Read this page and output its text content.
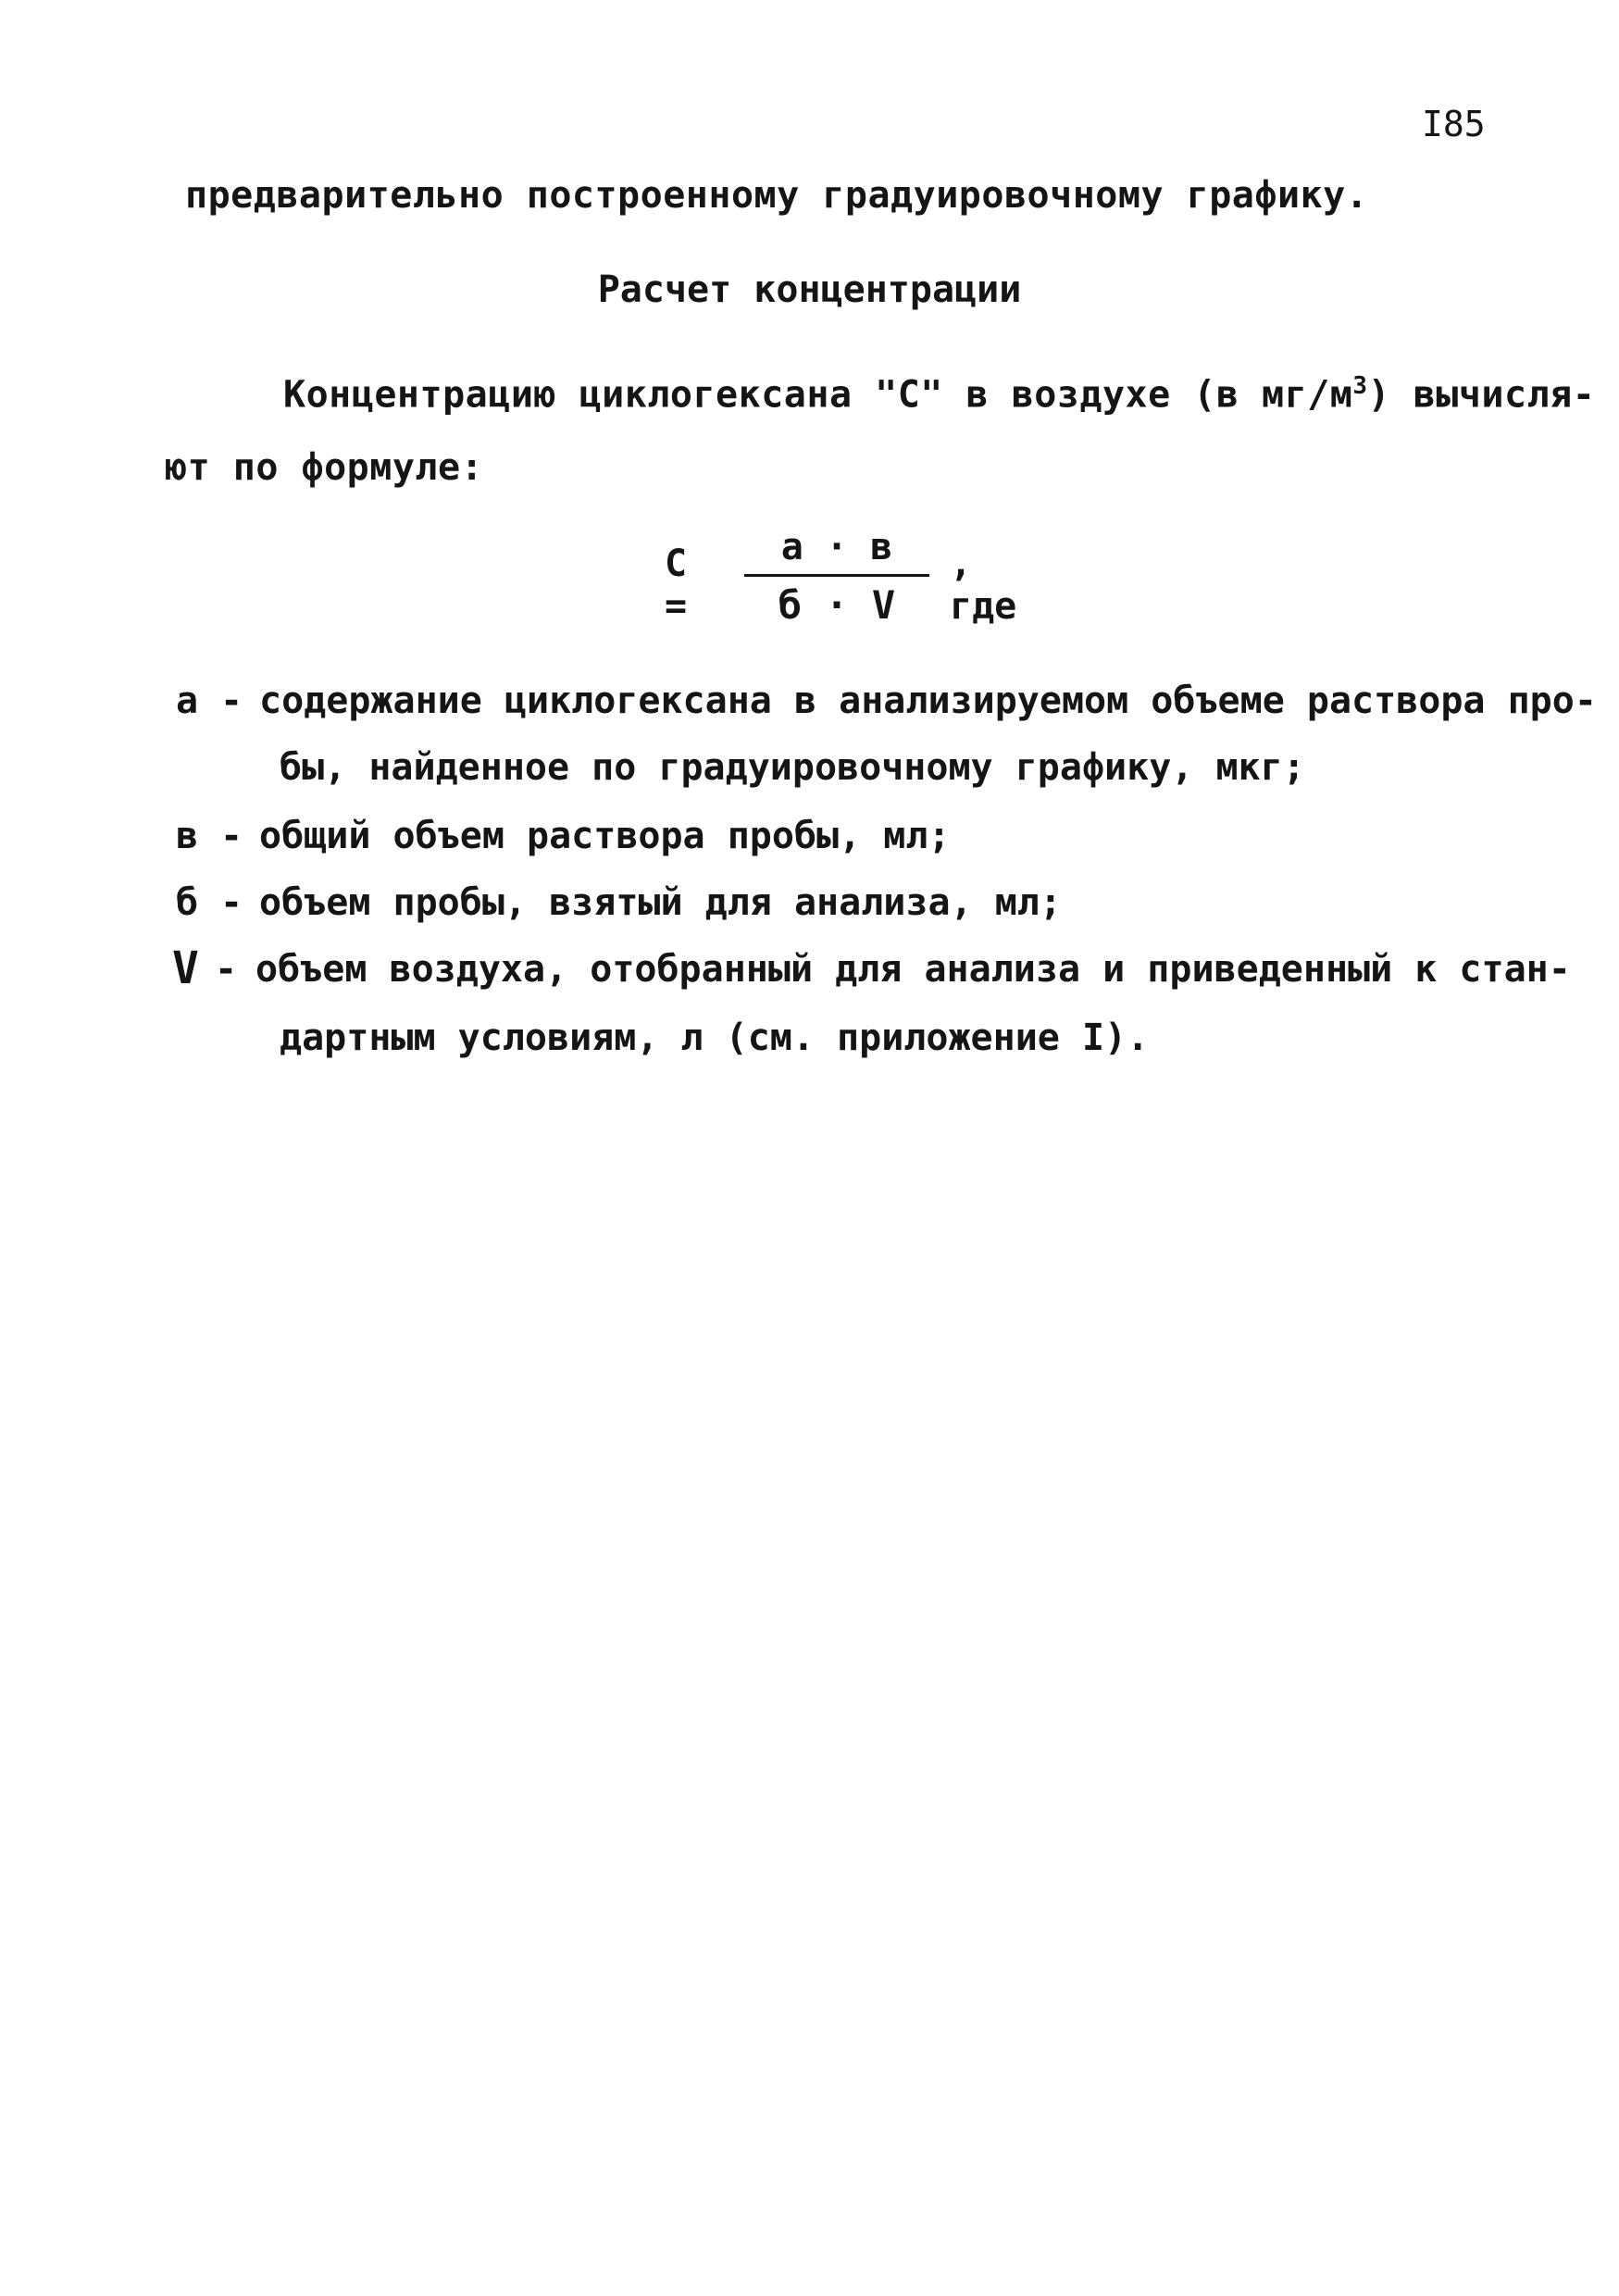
I85
предварительно построенному градуировочному графику.
Расчет концентрации
Концентрацию циклогексана "С" в воздухе (в $мг/м^3$) вычисля-
ют по формуле:
С =
а · в
б · V
, где
а - содержание циклогексана в анализируемом объеме раствора про-
бы, найденное по градуировочному графику, мкг;
в - общий объем раствора пробы, мл;
б - объем пробы, взятый для анализа, мл;
V - объем воздуха, отобранный для анализа и приведенный к стан-
дартным условиям, л (см. приложение I).
